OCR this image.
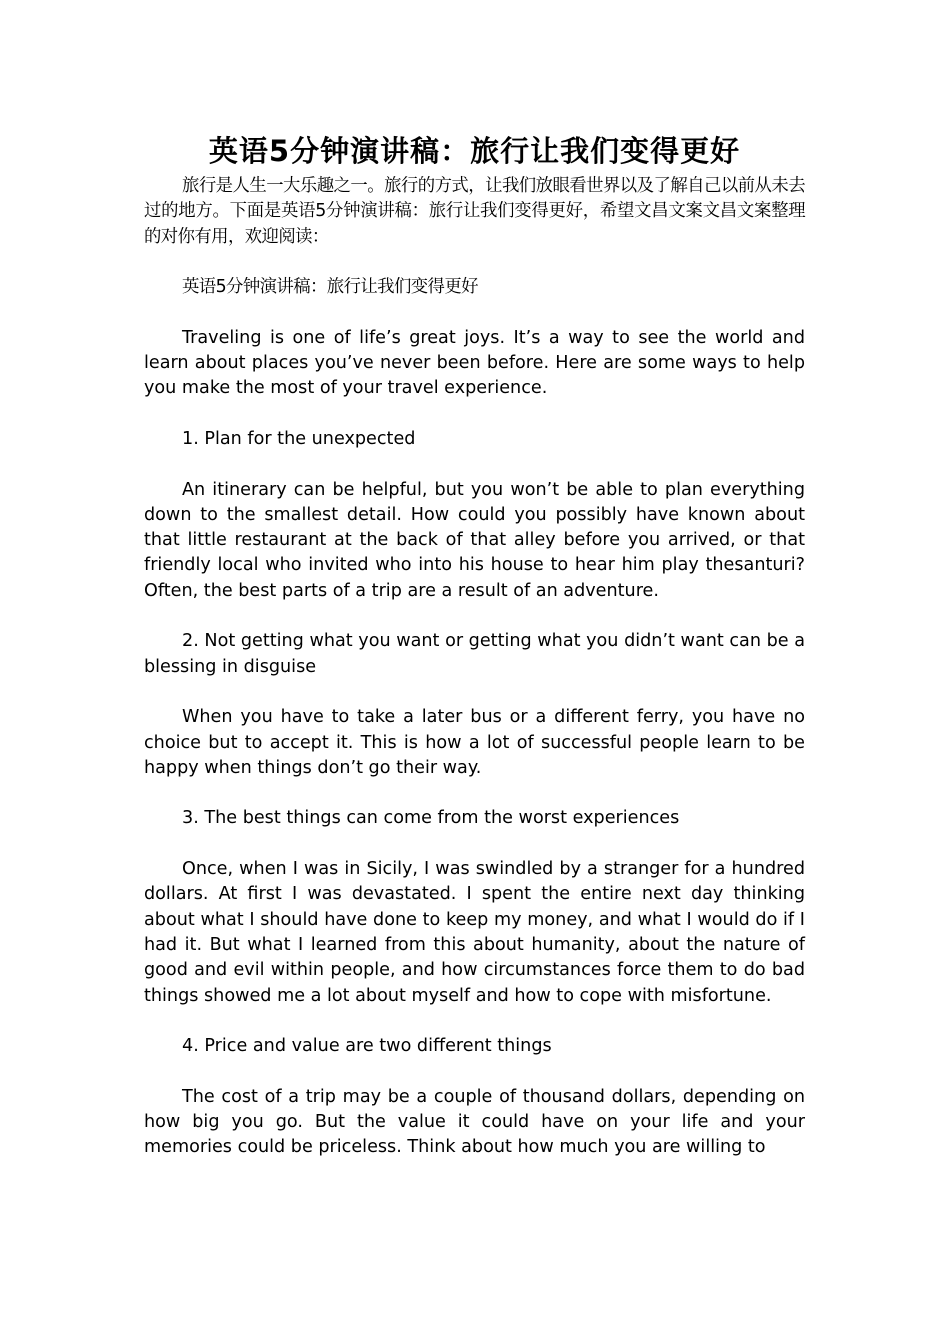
英语5分钟演讲稿：旅行让我们变得更好

旅行是人生一大乐趣之一。旅行的方式，让我们放眼看世界以及了解自己以前从未去过的地方。下面是英语5分钟演讲稿：旅行让我们变得更好，希望文昌文案文昌文案整理的对你有用，欢迎阅读：

英语5分钟演讲稿：旅行让我们变得更好

Traveling is one of life’s great joys. It’s a way to see the world and learn about places you’ve never been before. Here are some ways to help you make the most of your travel experience.

1. Plan for the unexpected

An itinerary can be helpful, but you won’t be able to plan everything down to the smallest detail. How could you possibly have known about that little restaurant at the back of that alley before you arrived, or that friendly local who invited who into his house to hear him play thesanturi? Often, the best parts of a trip are a result of an adventure.

2. Not getting what you want or getting what you didn’t want can be a blessing in disguise

When you have to take a later bus or a different ferry, you have no choice but to accept it. This is how a lot of successful people learn to be happy when things don’t go their way.

3. The best things can come from the worst experiences

Once, when I was in Sicily, I was swindled by a stranger for a hundred dollars. At first I was devastated. I spent the entire next day thinking about what I should have done to keep my money, and what I would do if I had it. But what I learned from this about humanity, about the nature of good and evil within people, and how circumstances force them to do bad things showed me a lot about myself and how to cope with misfortune.

4. Price and value are two different things

The cost of a trip may be a couple of thousand dollars, depending on how big you go. But the value it could have on your life and your memories could be priceless. Think about how much you are willing to
